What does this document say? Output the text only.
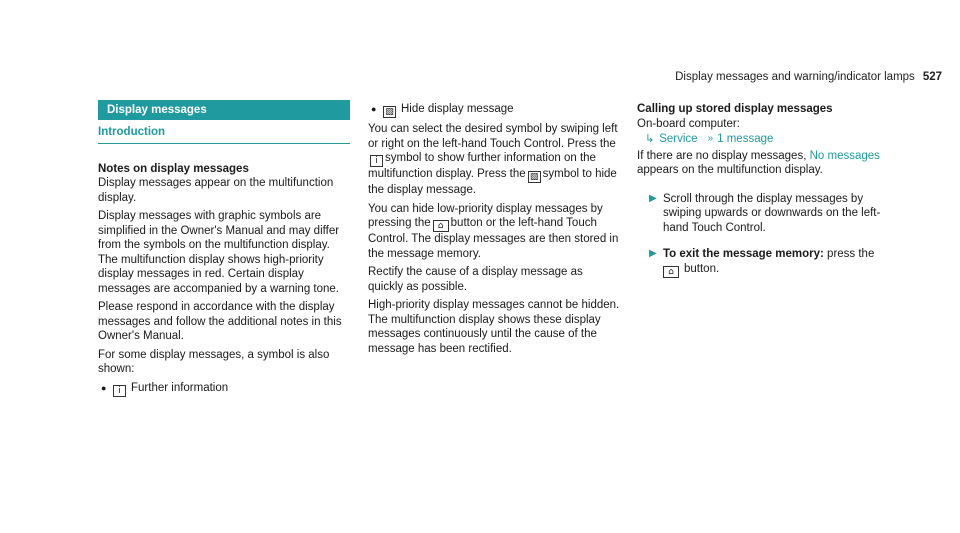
Display messages and warning/indicator lamps 527
Display messages
Introduction
Notes on display messages

Display messages appear on the multifunction display.

Display messages with graphic symbols are simplified in the Owner's Manual and may differ from the symbols on the multifunction display. The multifunction display shows high-priority display messages in red. Certain display messages are accompanied by a warning tone.

Please respond in accordance with the display messages and follow the additional notes in this Owner's Manual.

For some display messages, a symbol is also shown:

●	i Further information
● ▧ Hide display message

You can select the desired symbol by swiping left or right on the left-hand Touch Control. Press thei symbol to show further information on the multifunction display. Press the ▧ symbol to hide the display message.

You can hide low-priority display messages by pressing the ⌂ button or the left-hand Touch Control. The display messages are then stored in the message memory.

Rectify the cause of a display message as quickly as possible.

High-priority display messages cannot be hidden. The multifunction display shows these display messages continuously until the cause of the message has been rectified.

Calling up stored display messages

On-board computer:

↳ Service » 1 message

If there are no display messages, No messages appears on the multifunction display.

▶ Scroll through the display messages by swiping upwards or downwards on the left-hand Touch Control.
▶ To exit the message memory: press the
⌂ button.
